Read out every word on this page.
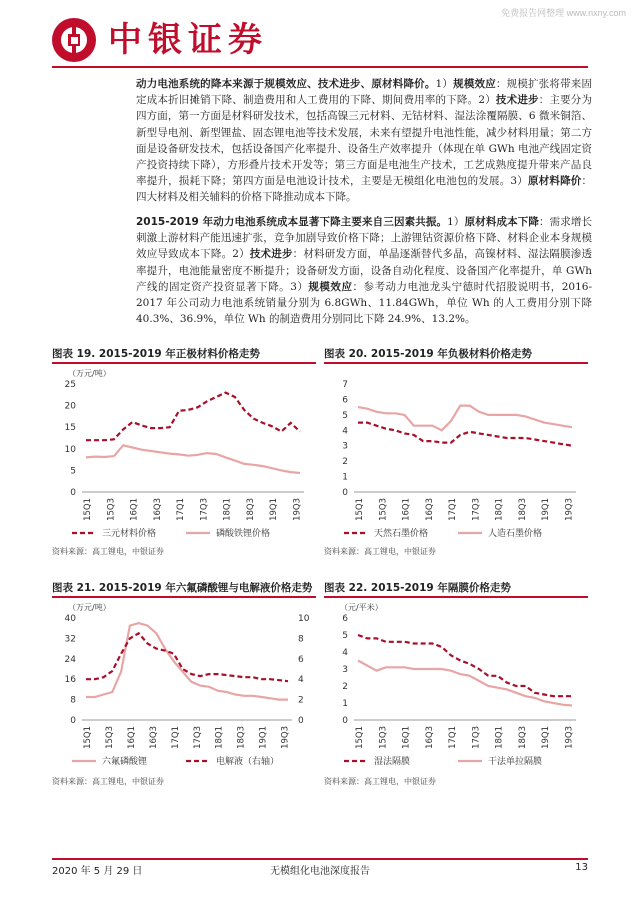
免费报告网整理 www.nxny.com
中银证券
动力电池系统的降本来源于规模效应、技术进步、原材料降价。1）规模效应：规模扩张将带来固定成本折旧摊销下降、制造费用和人工费用的下降、期间费用率的下降。2）技术进步：主要分为四方面，第一方面是材料研发技术，包括高镍三元材料、无钴材料、湿法涂覆隔膜、6 微米铜箔、新型导电剂、新型锂盐、固态锂电池等技术发展，未来有望提升电池性能，减少材料用量；第二方面是设备研发技术，包括设备国产化率提升、设备生产效率提升（体现在单 GWh 电池产线固定资产投资持续下降），方形叠片技术开发等；第三方面是电池生产技术，工艺成熟度提升带来产品良率提升，损耗下降；第四方面是电池设计技术，主要是无模组化电池包的发展。3）原材料降价：四大材料及相关辅料的价格下降推动成本下降。
2015-2019 年动力电池系统成本显著下降主要来自三因素共振。1）原材料成本下降：需求增长刺激上游材料产能迅速扩张，竞争加剧导致价格下降；上游锂钴资源价格下降、材料企业本身规模效应导致成本下降。2）技术进步：材料研发方面，单晶逐渐替代多晶，高镍材料、湿法隔膜渗透率提升，电池能量密度不断提升；设备研发方面，设备自动化程度、设备国产化率提升，单 GWh 产线的固定资产投资显著下降。3）规模效应：参考动力电池龙头宁德时代招股说明书，2016-2017 年公司动力电池系统销量分别为 6.8GWh、11.84GWh，单位 Wh 的人工费用分别下降 40.3%、36.9%，单位 Wh 的制造费用分别同比下降 24.9%、13.2%。
图表 19. 2015-2019 年正极材料价格走势	图表 20. 2015-2019 年负极材料价格走势
图表 21. 2015-2019 年六氟磷酸锂与电解液价格走势 图表 22. 2015-2019 年隔膜价格走势
（万元/吨）
0
5
10
15
20
25
15Q1 15Q3 16Q1 16Q3 17Q1 17Q3 18Q1 18Q3 19Q1 19Q3
三元材料价格	磷酸铁锂价格
0
1
2
3
4
5
6
7
15Q1 15Q3 16Q1 16Q3 17Q1 17Q3 18Q1 18Q3 19Q1 19Q3
天然石墨价格	人造石墨价格
（万元/吨）
0
8
16
24
32
40
0
2
4
6
8
10
15Q1 15Q3 16Q1 16Q3 17Q1 17Q3 18Q1 18Q3 19Q1 19Q3
六氟磷酸锂	电解液（右轴）
（元/平米）
0
1
2
3
4
5
6
15Q1 15Q3 16Q1 16Q3 17Q1 17Q3 18Q1 18Q3 19Q1 19Q3
湿法隔膜	干法单拉隔膜
资料来源：高工锂电，中银证券	资料来源：高工锂电，中银证券
资料来源：高工锂电，中银证券	资料来源：高工锂电，中银证券
2020 年 5 月 29 日	无模组化电池深度报告	13
